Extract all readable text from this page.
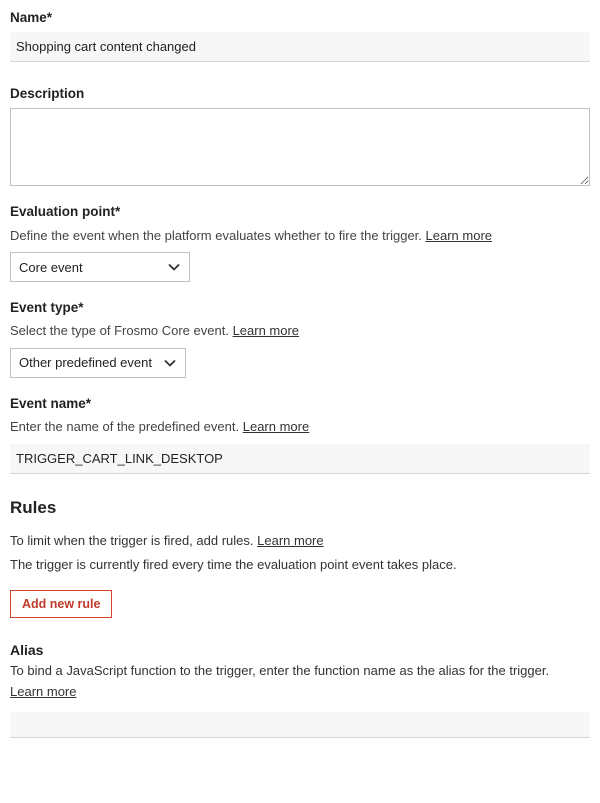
Name*
Shopping cart content changed
Description
Evaluation point*
Define the event when the platform evaluates whether to fire the trigger. Learn more
Core event
Event type*
Select the type of Frosmo Core event. Learn more
Other predefined event
Event name*
Enter the name of the predefined event. Learn more
TRIGGER_CART_LINK_DESKTOP
Rules
To limit when the trigger is fired, add rules. Learn more
The trigger is currently fired every time the evaluation point event takes place.
Add new rule
Alias
To bind a JavaScript function to the trigger, enter the function name as the alias for the trigger.
Learn more
